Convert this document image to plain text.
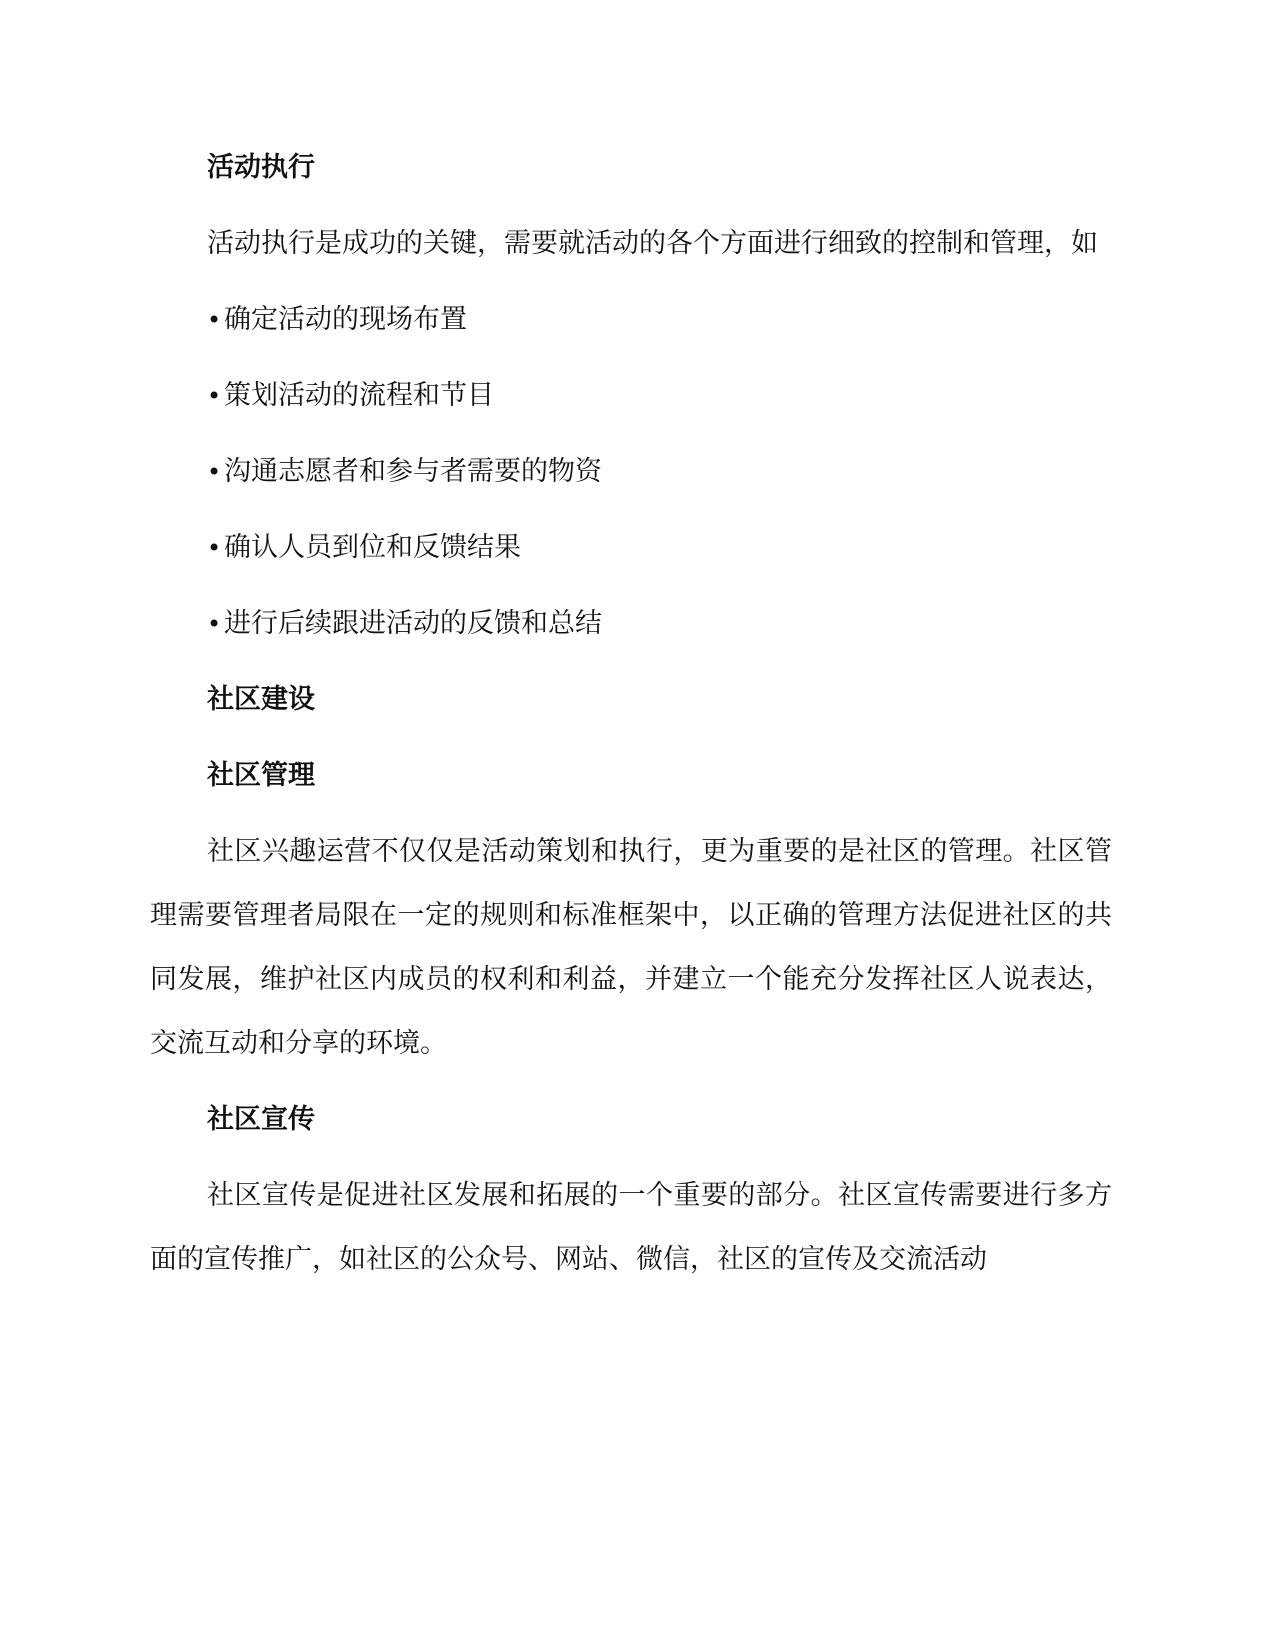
活动执行
活动执行是成功的关键，需要就活动的各个方面进行细致的控制和管理，如
• 确定活动的现场布置
• 策划活动的流程和节目
• 沟通志愿者和参与者需要的物资
• 确认人员到位和反馈结果
• 进行后续跟进活动的反馈和总结
社区建设
社区管理
社区兴趣运营不仅仅是活动策划和执行，更为重要的是社区的管理。社区管理需要管理者局限在一定的规则和标准框架中，以正确的管理方法促进社区的共同发展，维护社区内成员的权利和利益，并建立一个能充分发挥社区人说表达，交流互动和分享的环境。
社区宣传
社区宣传是促进社区发展和拓展的一个重要的部分。社区宣传需要进行多方面的宣传推广，如社区的公众号、网站、微信，社区的宣传及交流活动
